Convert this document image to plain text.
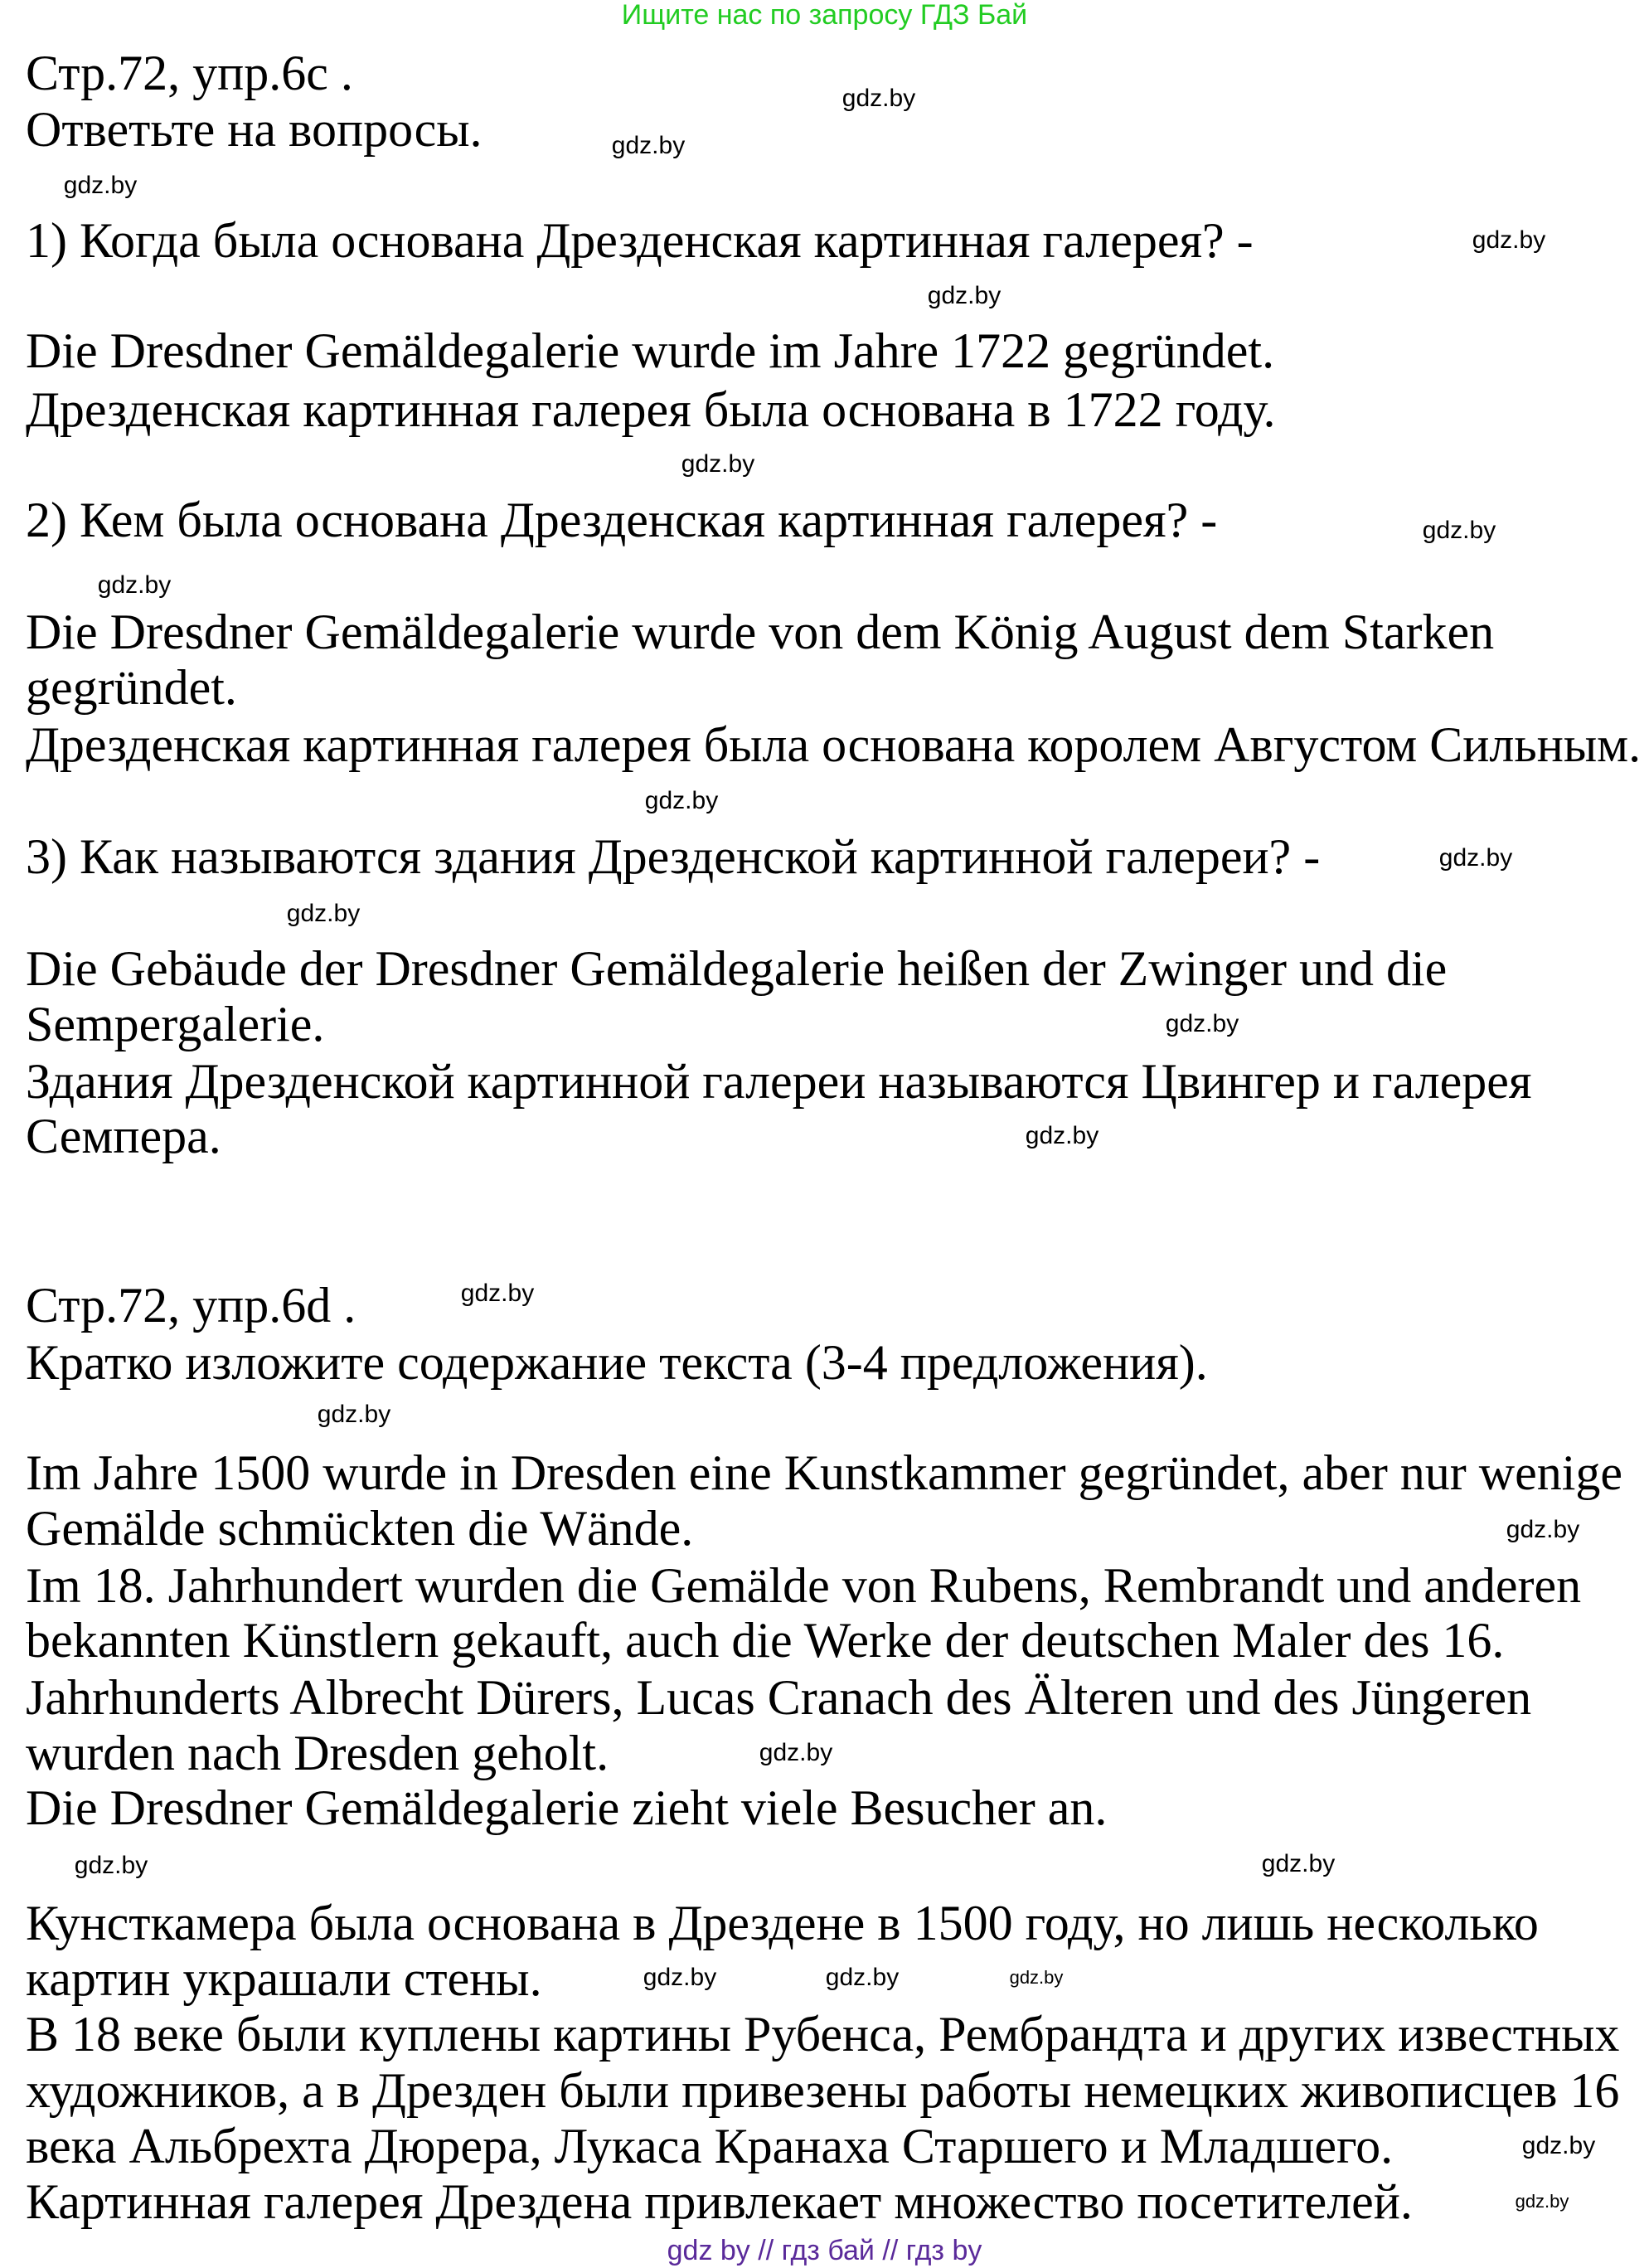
Ищите нас по запросу ГДЗ Бай
Стр.72, упр.6с .
Ответьте на вопросы.
1) Когда была основана Дрезденская картинная галерея? -
Die Dresdner Gemäldegalerie wurde im Jahre 1722 gegründet.
Дрезденская картинная галерея была основана в 1722 году.
2) Кем была основана Дрезденская картинная галерея? -
Die Dresdner Gemäldegalerie wurde von dem König August dem Starken
gegründet.
Дрезденская картинная галерея была основана королем Августом Сильным.
3) Как называются здания Дрезденской картинной галереи? -
Die Gebäude der Dresdner Gemäldegalerie heißen der Zwinger und die
Sempergalerie.
Здания Дрезденской картинной галереи называются Цвингер и галерея
Семпера.
Стр.72, упр.6d .
Кратко изложите содержание текста (3-4 предложения).
Im Jahre 1500 wurde in Dresden eine Kunstkammer gegründet, aber nur wenige
Gemälde schmückten die Wände.
Im 18. Jahrhundert wurden die Gemälde von Rubens, Rembrandt und anderen
bekannten Künstlern gekauft, auch die Werke der deutschen Maler des 16.
Jahrhunderts Albrecht Dürers, Lucas Cranach des Älteren und des Jüngeren
wurden nach Dresden geholt.
Die Dresdner Gemäldegalerie zieht viele Besucher an.
Кунсткамера была основана в Дрездене в 1500 году, но лишь несколько
картин украшали стены.
В 18 веке были куплены картины Рубенса, Рембрандта и других известных
художников, а в Дрезден были привезены работы немецких живописцев 16
века Альбрехта Дюрера, Лукаса Кранаха Старшего и Младшего.
Картинная галерея Дрездена привлекает множество посетителей.
gdz.by
gdz.by
gdz.by
gdz.by
gdz.by
gdz.by
gdz.by
gdz.by
gdz.by
gdz.by
gdz.by
gdz.by
gdz.by
gdz.by
gdz.by
gdz.by
gdz.by
gdz.by
gdz.by
gdz.by
gdz.by	gdz.by
gdz.by
gdz.by
gdz by // гдз бай // гдз by
